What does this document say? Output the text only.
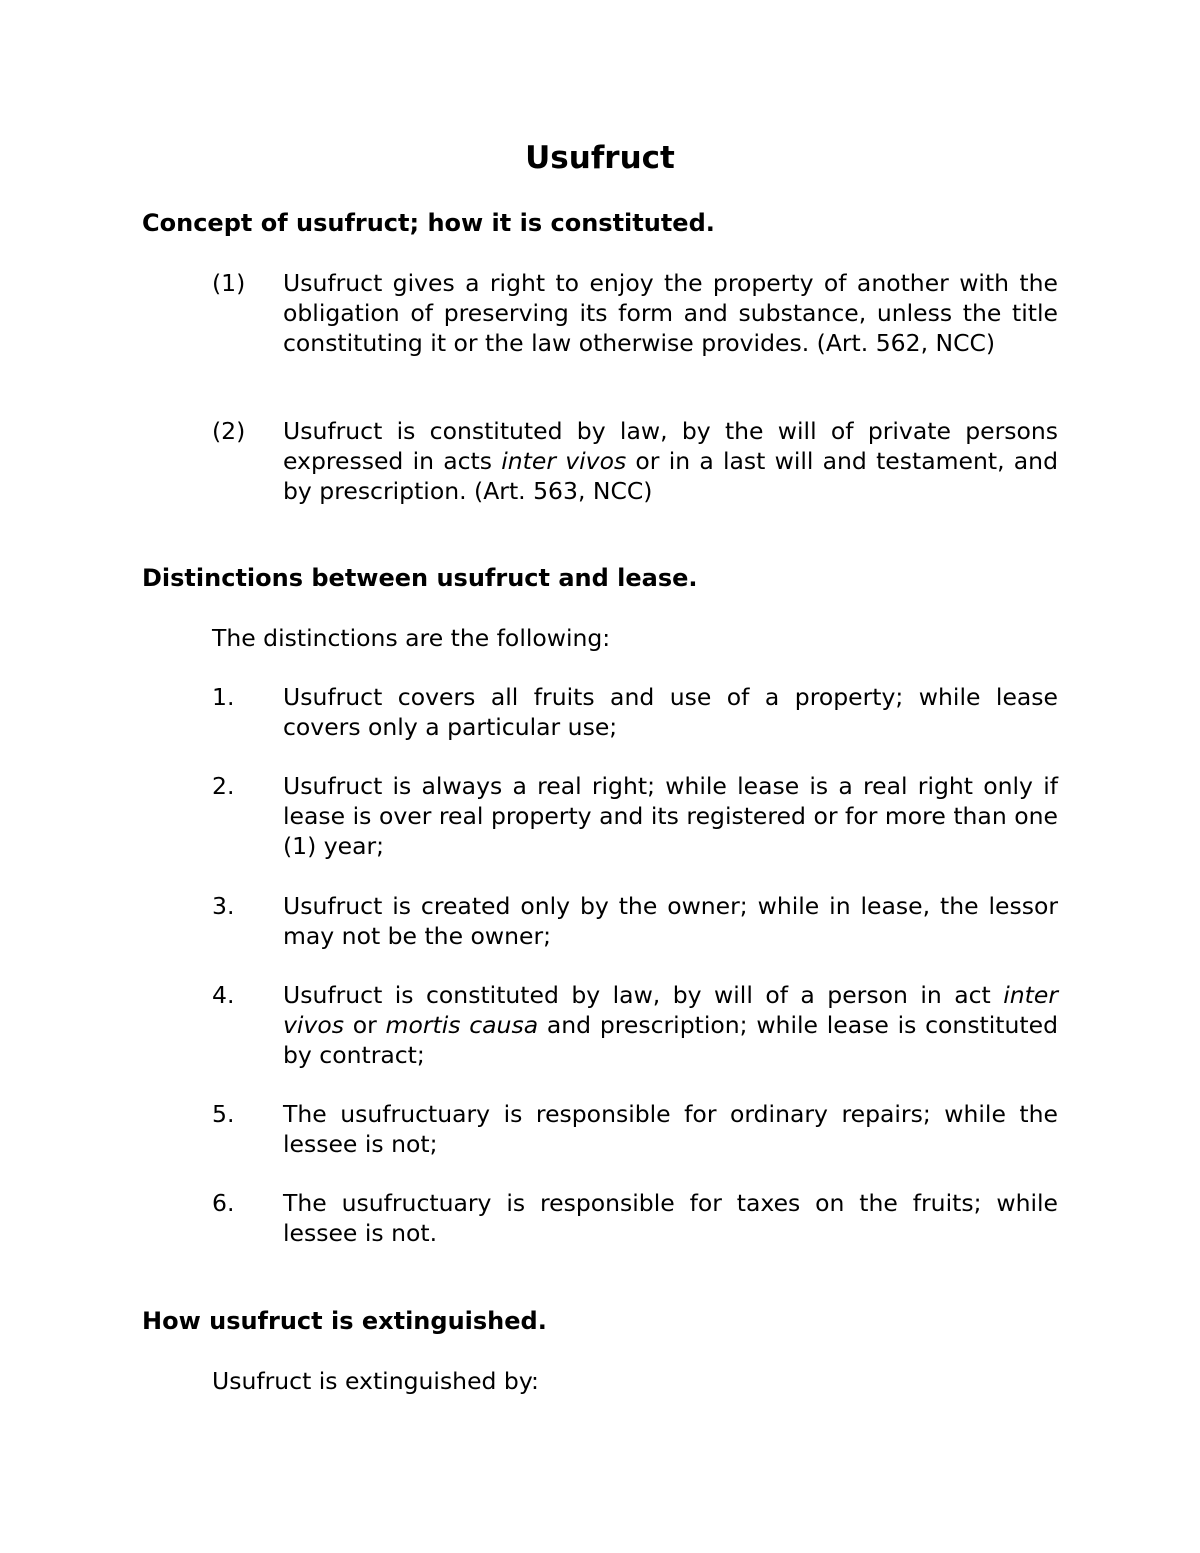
Usufruct
Concept of usufruct; how it is constituted.
(1)	Usufruct gives a right to enjoy the property of another with the obligation of preserving its form and substance, unless the title constituting it or the law otherwise provides. (Art. 562, NCC)
(2)	Usufruct is constituted by law, by the will of private persons expressed in acts inter vivos or in a last will and testament, and by prescription. (Art. 563, NCC)
Distinctions between usufruct and lease.

The distinctions are the following:

1.	Usufruct covers all fruits and use of a property; while lease covers only a particular use;
2.	Usufruct is always a real right; while lease is a real right only if lease is over real property and its registered or for more than one (1) year;
3.	Usufruct is created only by the owner; while in lease, the lessor may not be the owner;
4.	Usufruct is constituted by law, by will of a person in act inter vivos or mortis causa and prescription; while lease is constituted by contract;
5.	The usufructuary is responsible for ordinary repairs; while the lessee is not;
6.	The usufructuary is responsible for taxes on the fruits; while lessee is not.
How usufruct is extinguished.

Usufruct is extinguished by:
